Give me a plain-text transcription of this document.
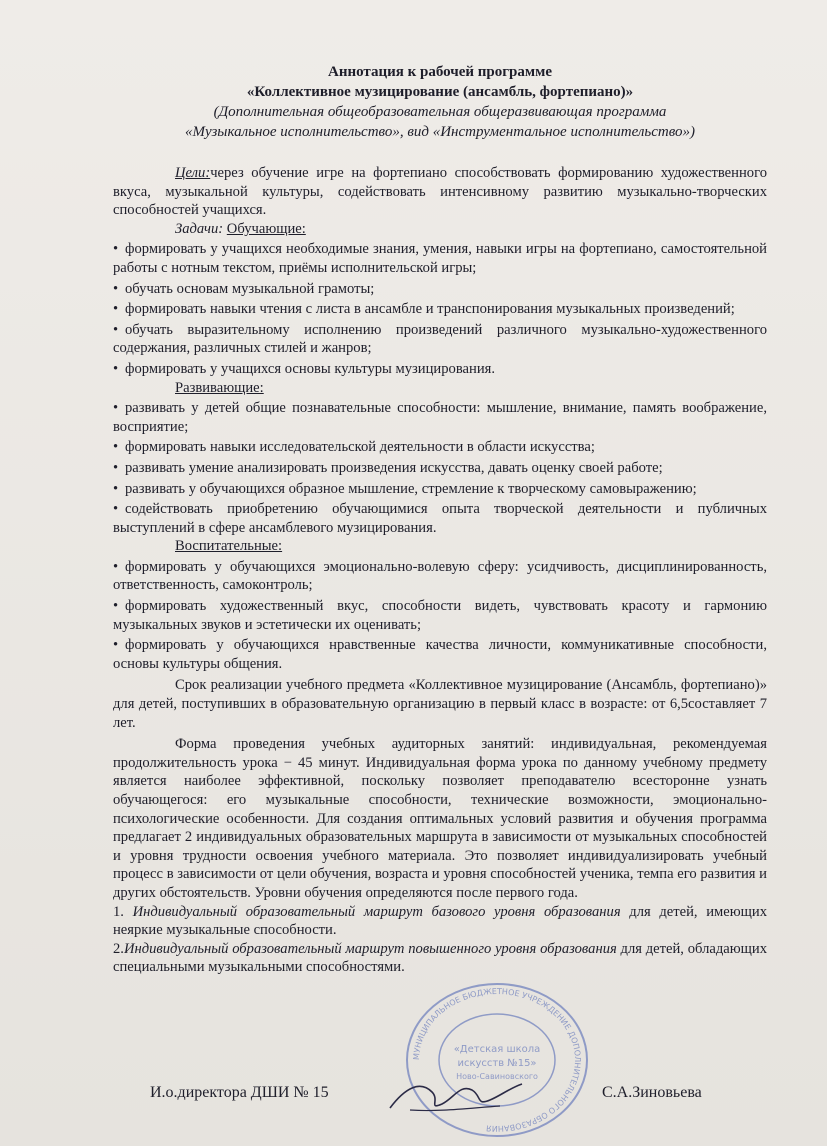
Аннотация к рабочей программе

«Коллективное музицирование (ансамбль, фортепиано)»

(Дополнительная общеобразовательная общеразвивающая программа

«Музыкальное исполнительство», вид «Инструментальное исполнительство»)

Цели:через обучение игре на фортепиано способствовать формированию художественного вкуса, музыкальной культуры, содействовать интенсивному развитию музыкально-творческих способностей учащихся.

Задачи: Обучающие:

• формировать у учащихся необходимые знания, умения, навыки игры на фортепиано, самостоятельной работы с нотным текстом, приёмы исполнительской игры;

• обучать основам музыкальной грамоты;

• формировать навыки чтения с листа в ансамбле и транспонирования музыкальных произведений;

• обучать выразительному исполнению произведений различного музыкально-художественного содержания, различных стилей и жанров;

• формировать у учащихся основы культуры музицирования.

Развивающие:

• развивать у детей общие познавательные способности: мышление, внимание, память воображение, восприятие;

• формировать навыки исследовательской деятельности в области искусства;

• развивать умение анализировать произведения искусства, давать оценку своей работе;

• развивать у обучающихся образное мышление, стремление к творческому самовыражению;

• содействовать приобретению обучающимися опыта творческой деятельности и публичных выступлений в сфере ансамблевого музицирования.

Воспитательные:

• формировать у обучающихся эмоционально-волевую сферу: усидчивость, дисциплинированность, ответственность, самоконтроль;

• формировать художественный вкус, способности видеть, чувствовать красоту и гармонию музыкальных звуков и эстетически их оценивать;

• формировать у обучающихся нравственные качества личности, коммуникативные способности, основы культуры общения.

Срок реализации учебного предмета «Коллективное музицирование (Ансамбль, фортепиано)» для детей, поступивших в образовательную организацию в первый класс в возрасте: от 6,5составляет 7 лет.

Форма проведения учебных аудиторных занятий: индивидуальная, рекомендуемая продолжительность урока − 45 минут. Индивидуальная форма урока по данному учебному предмету является наиболее эффективной, поскольку позволяет преподавателю всесторонне узнать обучающегося: его музыкальные способности, технические возможности, эмоционально-психологические особенности. Для создания оптимальных условий развития и обучения программа предлагает 2 индивидуальных образовательных маршрута в зависимости от музыкальных способностей и уровня трудности освоения учебного материала. Это позволяет индивидуализировать учебный процесс в зависимости от цели обучения, возраста и уровня способностей ученика, темпа его развития и других обстоятельств. Уровни обучения определяются после первого года.

1. Индивидуальный образовательный маршрут базового уровня образования для детей, имеющих неяркие музыкальные способности.

2.Индивидуальный образовательный маршрут повышенного уровня образования для детей, обладающих специальными музыкальными способностями.

МУНИЦИПАЛЬНОЕ БЮДЖЕТНОЕ УЧРЕЖДЕНИЕ ДОПОЛНИТЕЛЬНОГО ОБРАЗОВАНИЯ
«Детская школа
искусств №15»
Ново-Савиновского
И.о.директора ДШИ № 15	С.А.Зиновьева
